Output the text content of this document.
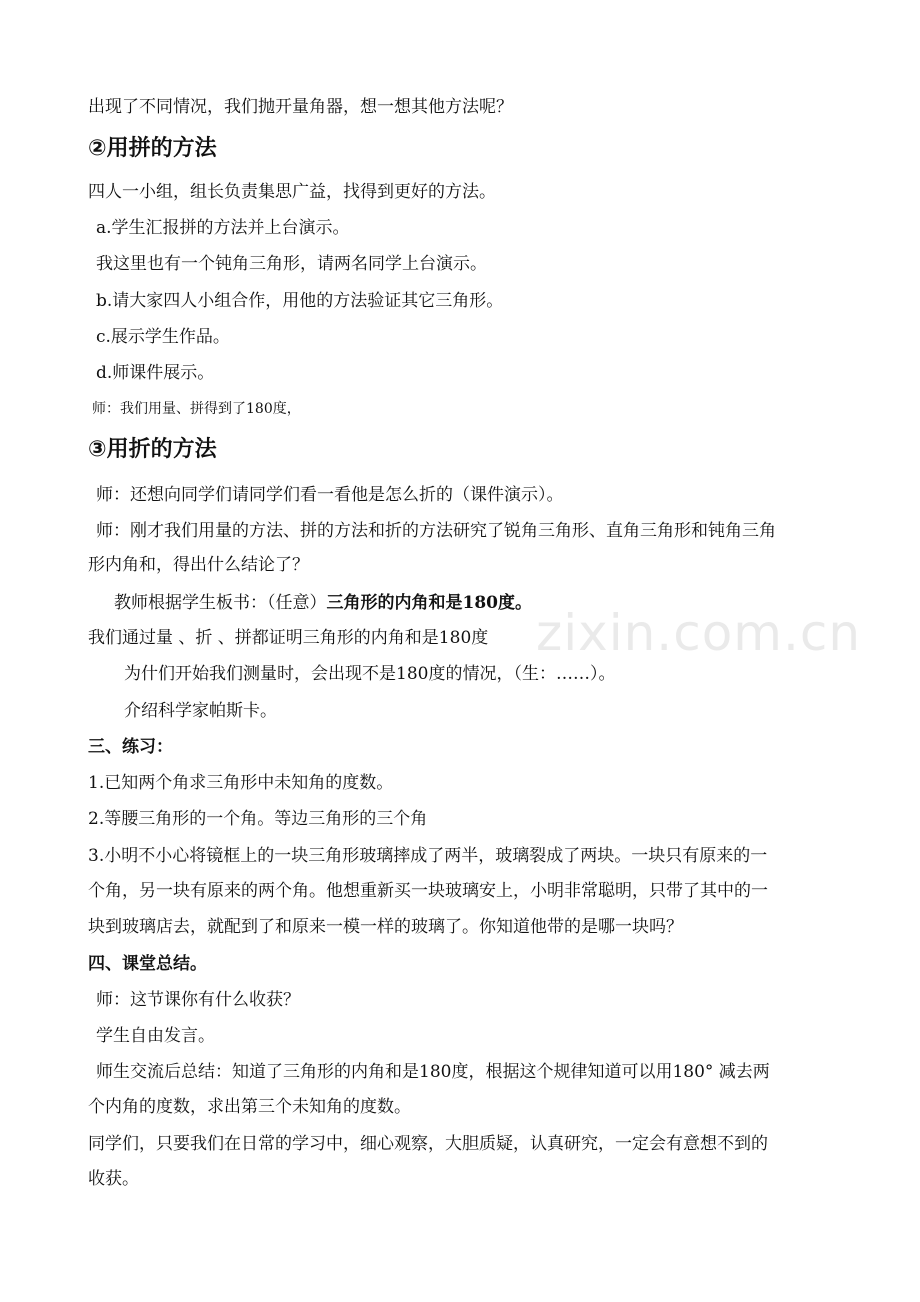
出现了不同情况，我们抛开量角器，想一想其他方法呢？
②用拼的方法
四人一小组，组长负责集思广益，找得到更好的方法。
a.学生汇报拼的方法并上台演示。
我这里也有一个钝角三角形，请两名同学上台演示。
b.请大家四人小组合作，用他的方法验证其它三角形。
c.展示学生作品。
d.师课件展示。
师：我们用量、拼得到了180度，
③用折的方法
师：还想向同学们请同学们看一看他是怎么折的（课件演示）。
师：刚才我们用量的方法、拼的方法和折的方法研究了锐角三角形、直角三角形和钝角三角
形内角和，得出什么结论了？
教师根据学生板书：（任意）三角形的内角和是180度。
我们通过量 、折 、拼都证明三角形的内角和是180度
为什们开始我们测量时，会出现不是180度的情况，（生：……）。
介绍科学家帕斯卡。
三、练习：
1.已知两个角求三角形中未知角的度数。
2.等腰三角形的一个角。等边三角形的三个角
3.小明不小心将镜框上的一块三角形玻璃摔成了两半，玻璃裂成了两块。一块只有原来的一
个角，另一块有原来的两个角。他想重新买一块玻璃安上，小明非常聪明，只带了其中的一
块到玻璃店去，就配到了和原来一模一样的玻璃了。你知道他带的是哪一块吗？
四、课堂总结。
师：这节课你有什么收获？
学生自由发言。
师生交流后总结：知道了三角形的内角和是180度，根据这个规律知道可以用180° 减去两
个内角的度数，求出第三个未知角的度数。
同学们，只要我们在日常的学习中，细心观察，大胆质疑，认真研究，一定会有意想不到的
收获。
zixin.com.cn
